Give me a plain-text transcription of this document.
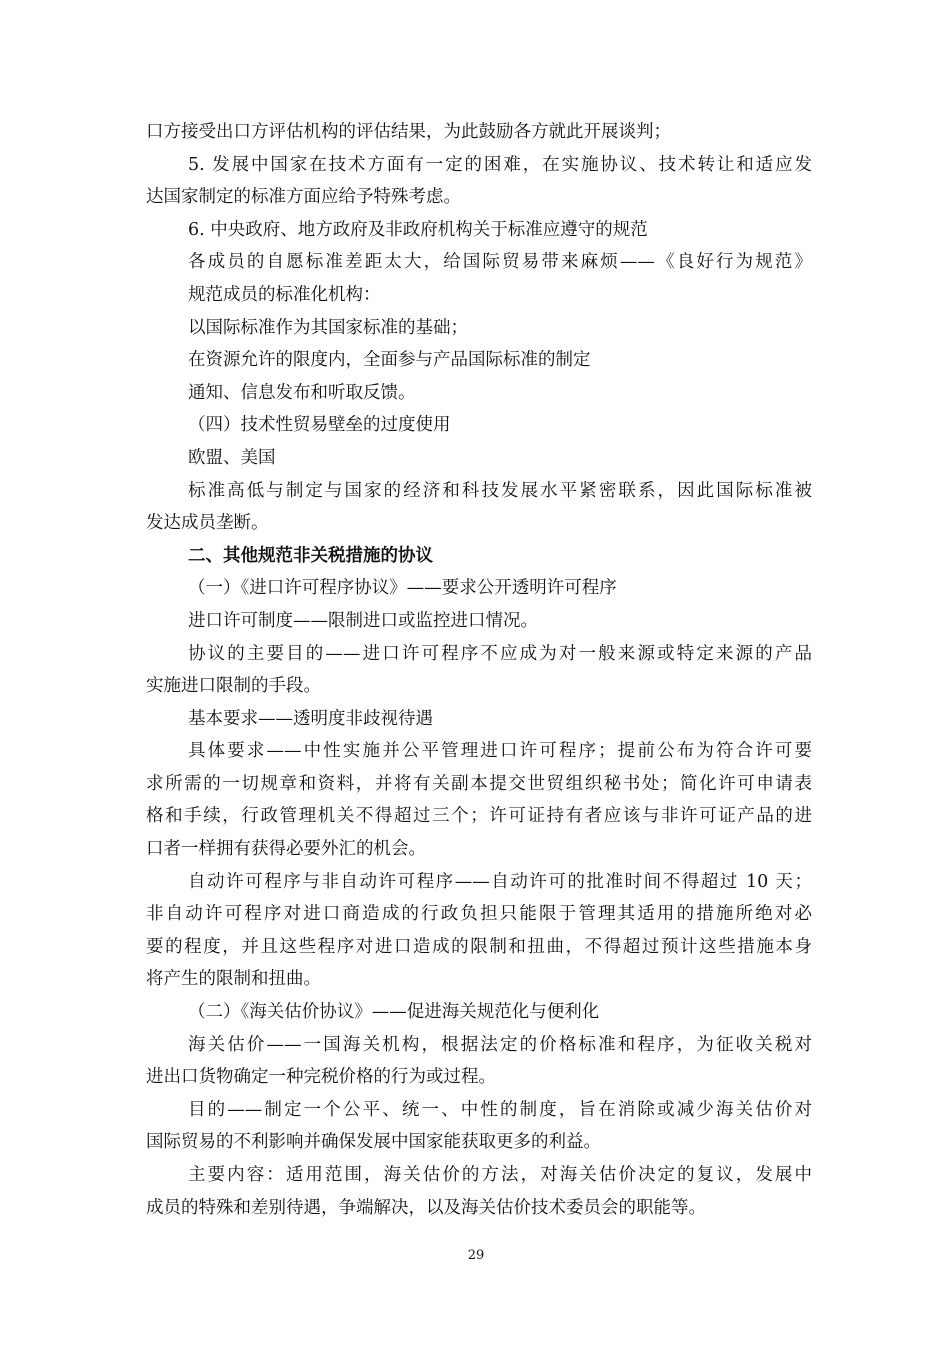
口方接受出口方评估机构的评估结果，为此鼓励各方就此开展谈判；

5. 发展中国家在技术方面有一定的困难，在实施协议、技术转让和适应发

达国家制定的标准方面应给予特殊考虑。

6. 中央政府、地方政府及非政府机构关于标准应遵守的规范

各成员的自愿标准差距太大，给国际贸易带来麻烦——《良好行为规范》

规范成员的标准化机构：

以国际标准作为其国家标准的基础；

在资源允许的限度内，全面参与产品国际标准的制定

通知、信息发布和听取反馈。

（四）技术性贸易壁垒的过度使用

欧盟、美国

标准高低与制定与国家的经济和科技发展水平紧密联系，因此国际标准被

发达成员垄断。

二、其他规范非关税措施的协议

（一）《进口许可程序协议》——要求公开透明许可程序

进口许可制度——限制进口或监控进口情况。

协议的主要目的——进口许可程序不应成为对一般来源或特定来源的产品

实施进口限制的手段。

基本要求——透明度非歧视待遇

具体要求——中性实施并公平管理进口许可程序；提前公布为符合许可要

求所需的一切规章和资料，并将有关副本提交世贸组织秘书处；简化许可申请表

格和手续，行政管理机关不得超过三个；许可证持有者应该与非许可证产品的进

口者一样拥有获得必要外汇的机会。

自动许可程序与非自动许可程序——自动许可的批准时间不得超过 10 天；

非自动许可程序对进口商造成的行政负担只能限于管理其适用的措施所绝对必

要的程度，并且这些程序对进口造成的限制和扭曲，不得超过预计这些措施本身

将产生的限制和扭曲。

（二）《海关估价协议》——促进海关规范化与便利化

海关估价——一国海关机构，根据法定的价格标准和程序，为征收关税对

进出口货物确定一种完税价格的行为或过程。

目的——制定一个公平、统一、中性的制度，旨在消除或减少海关估价对

国际贸易的不利影响并确保发展中国家能获取更多的利益。

主要内容：适用范围，海关估价的方法，对海关估价决定的复议，发展中

成员的特殊和差别待遇，争端解决，以及海关估价技术委员会的职能等。

29
